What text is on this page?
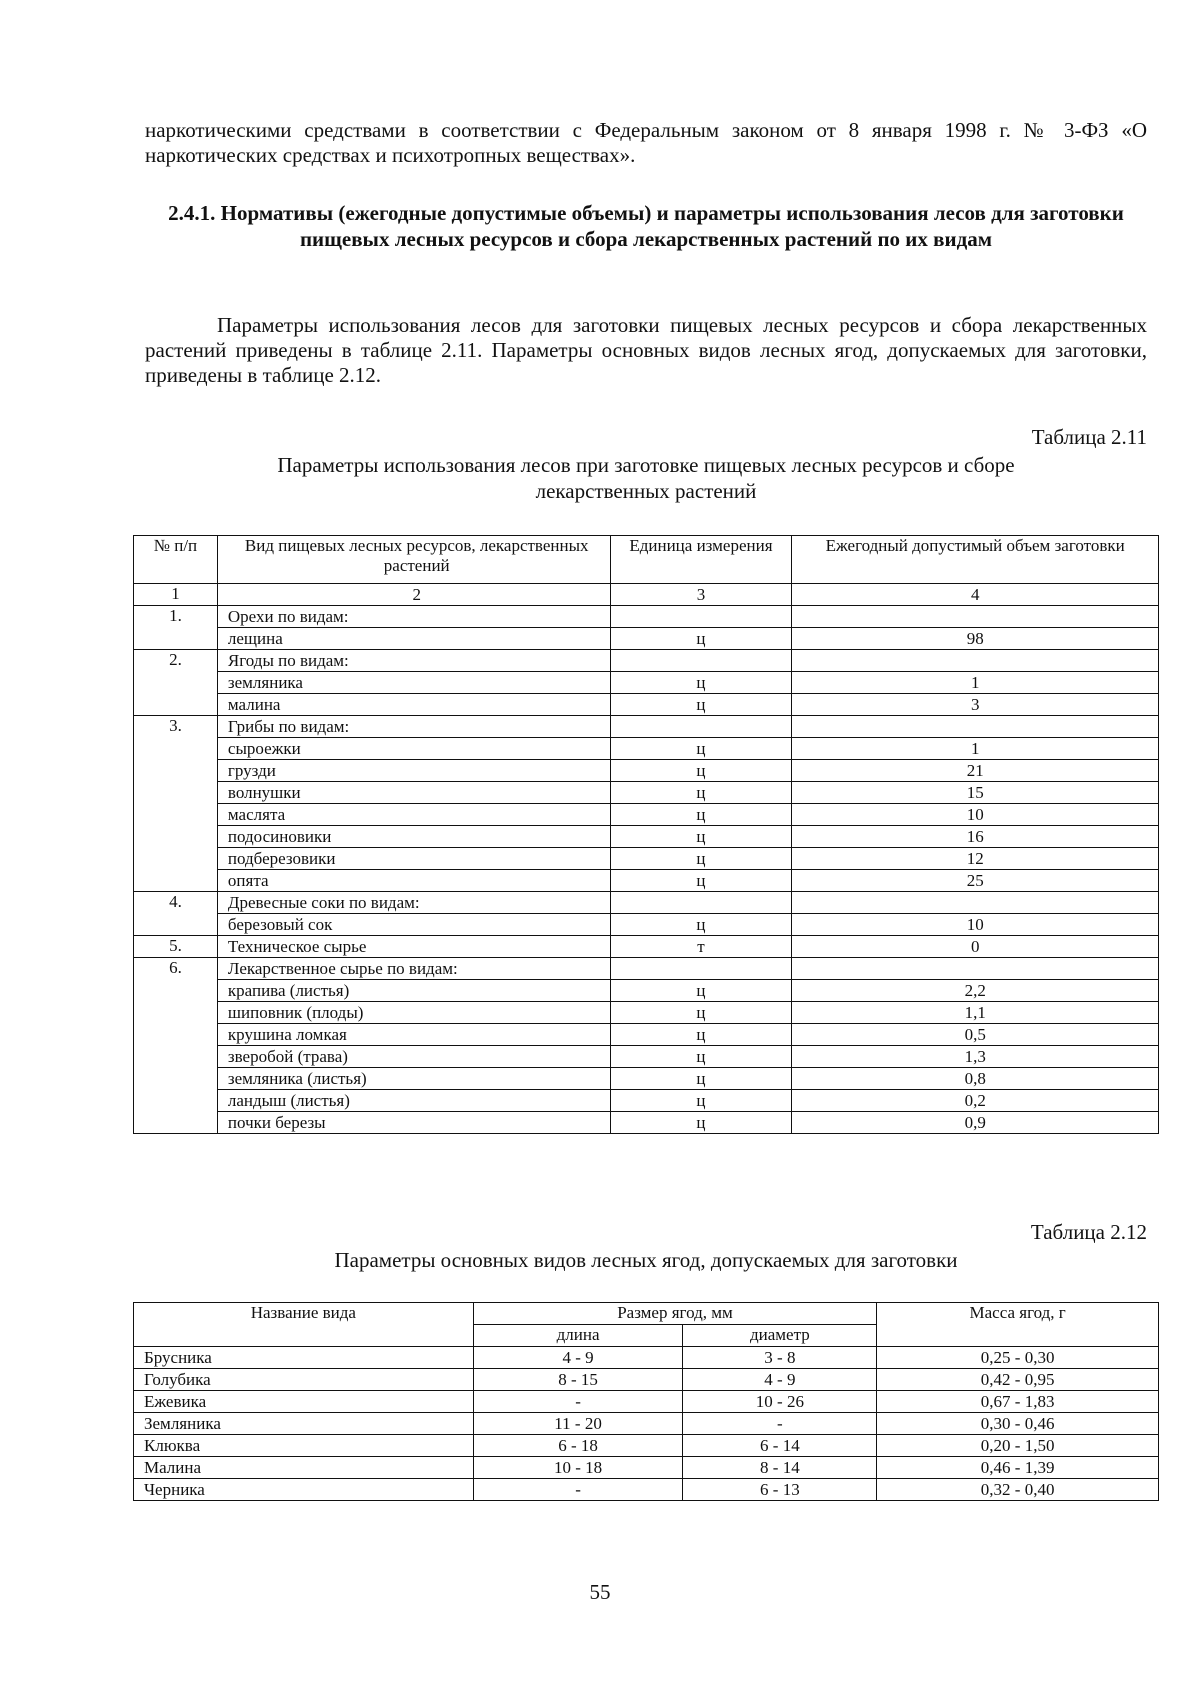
наркотическими средствами в соответствии с Федеральным законом от 8 января 1998 г. № 3-ФЗ «О наркотических средствах и психотропных веществах».
2.4.1. Нормативы (ежегодные допустимые объемы) и параметры использования лесов для заготовки пищевых лесных ресурсов и сбора лекарственных растений по их видам
Параметры использования лесов для заготовки пищевых лесных ресурсов и сбора лекарственных растений приведены в таблице 2.11. Параметры основных видов лесных ягод, допускаемых для заготовки, приведены в таблице 2.12.
Таблица 2.11
Параметры использования лесов при заготовке пищевых лесных ресурсов и сборе
лекарственных растений
№ п/п	Вид пищевых лесных ресурсов, лекарственных растений	Единица измерения	Ежегодный допустимый объем заготовки
1	2	3	4
1.	Орехи по видам:		
	лещина	ц	98
2.	Ягоды по видам:		
	земляника	ц	1
	малина	ц	3
3.	Грибы по видам:		
	сыроежки	ц	1
	грузди	ц	21
	волнушки	ц	15
	маслята	ц	10
	подосиновики	ц	16
	подберезовики	ц	12
	опята	ц	25
4.	Древесные соки по видам:		
	березовый сок	ц	10
5.	Техническое сырье	т	0
6.	Лекарственное сырье по видам:		
	крапива (листья)	ц	2,2
	шиповник (плоды)	ц	1,1
	крушина ломкая	ц	0,5
	зверобой (трава)	ц	1,3
	земляника (листья)	ц	0,8
	ландыш (листья)	ц	0,2
	почки березы	ц	0,9
Таблица 2.12
Параметры основных видов лесных ягод, допускаемых для заготовки
Название вида	Размер ягод, мм		Масса ягод, г
	длина	диаметр	
Брусника	4 - 9	3 - 8	0,25 - 0,30
Голубика	8 - 15	4 - 9	0,42 - 0,95
Ежевика	-	10 - 26	0,67 - 1,83
Земляника	11 - 20	-	0,30 - 0,46
Клюква	6 - 18	6 - 14	0,20 - 1,50
Малина	10 - 18	8 - 14	0,46 - 1,39
Черника	-	6 - 13	0,32 - 0,40
55
